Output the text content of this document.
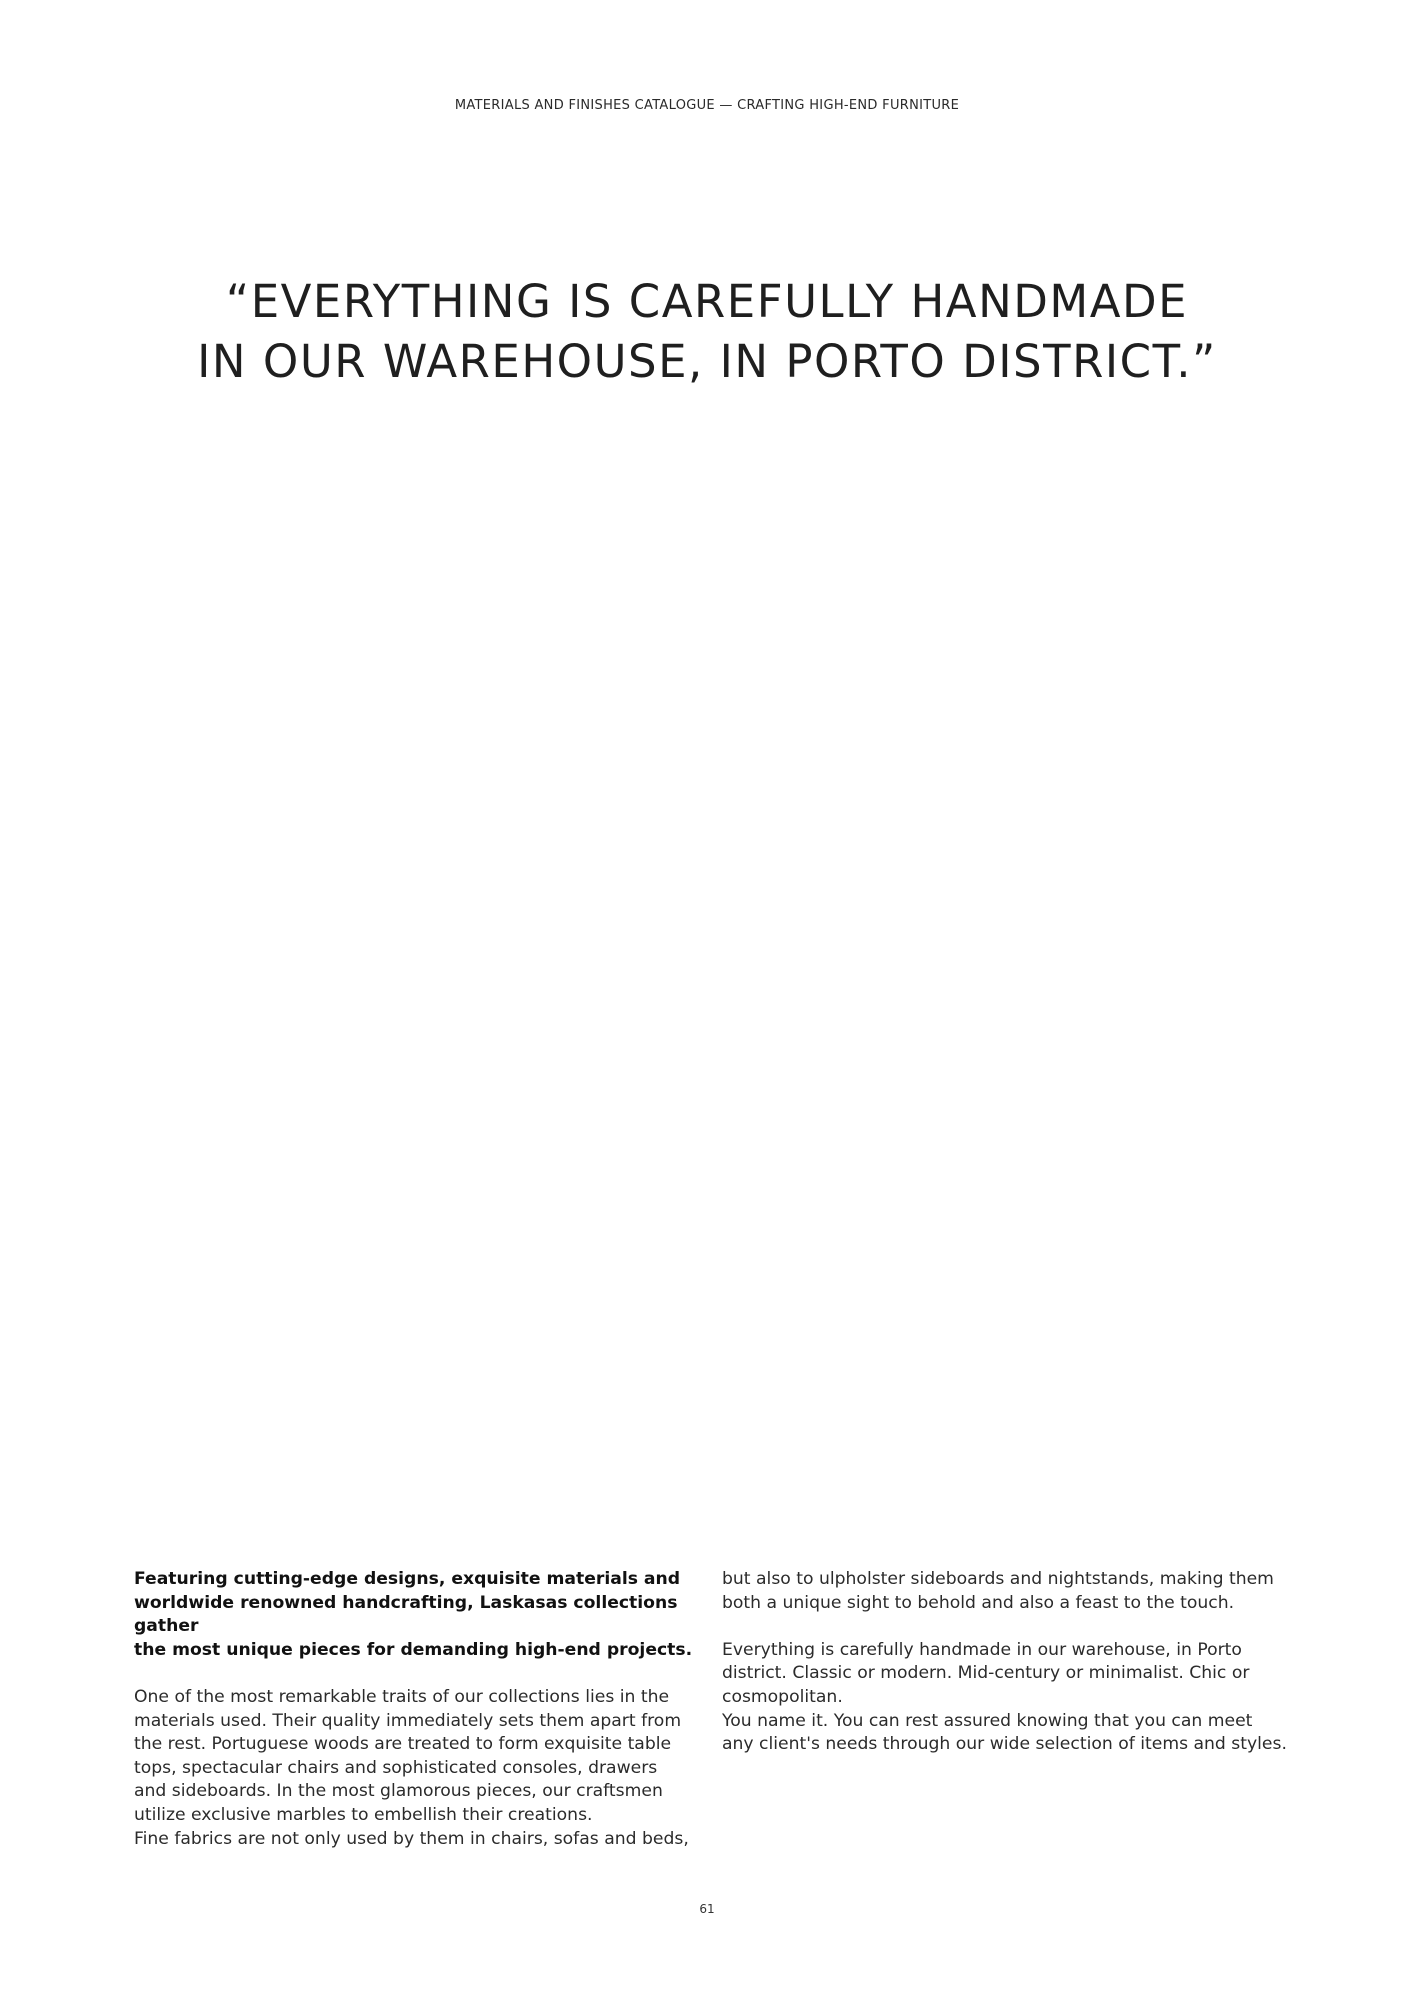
MATERIALS AND FINISHES CATALOGUE — CRAFTING HIGH-END FURNITURE
“EVERYTHING IS CAREFULLY HANDMADE
IN OUR WAREHOUSE, IN PORTO DISTRICT.”

Featuring cutting-edge designs, exquisite materials and
worldwide renowned handcrafting, Laskasas collections gather
the most unique pieces for demanding high-end projects.

One of the most remarkable traits of our collections lies in the
materials used. Their quality immediately sets them apart from
the rest. Portuguese woods are treated to form exquisite table
tops, spectacular chairs and sophisticated consoles, drawers
and sideboards. In the most glamorous pieces, our craftsmen
utilize exclusive marbles to embellish their creations.
Fine fabrics are not only used by them in chairs, sofas and beds,

but also to ulpholster sideboards and nightstands, making them
both a unique sight to behold and also a feast to the touch.

Everything is carefully handmade in our warehouse, in Porto
district. Classic or modern. Mid-century or minimalist. Chic or
cosmopolitan.
You name it. You can rest assured knowing that you can meet
any client's needs through our wide selection of items and styles.

61
